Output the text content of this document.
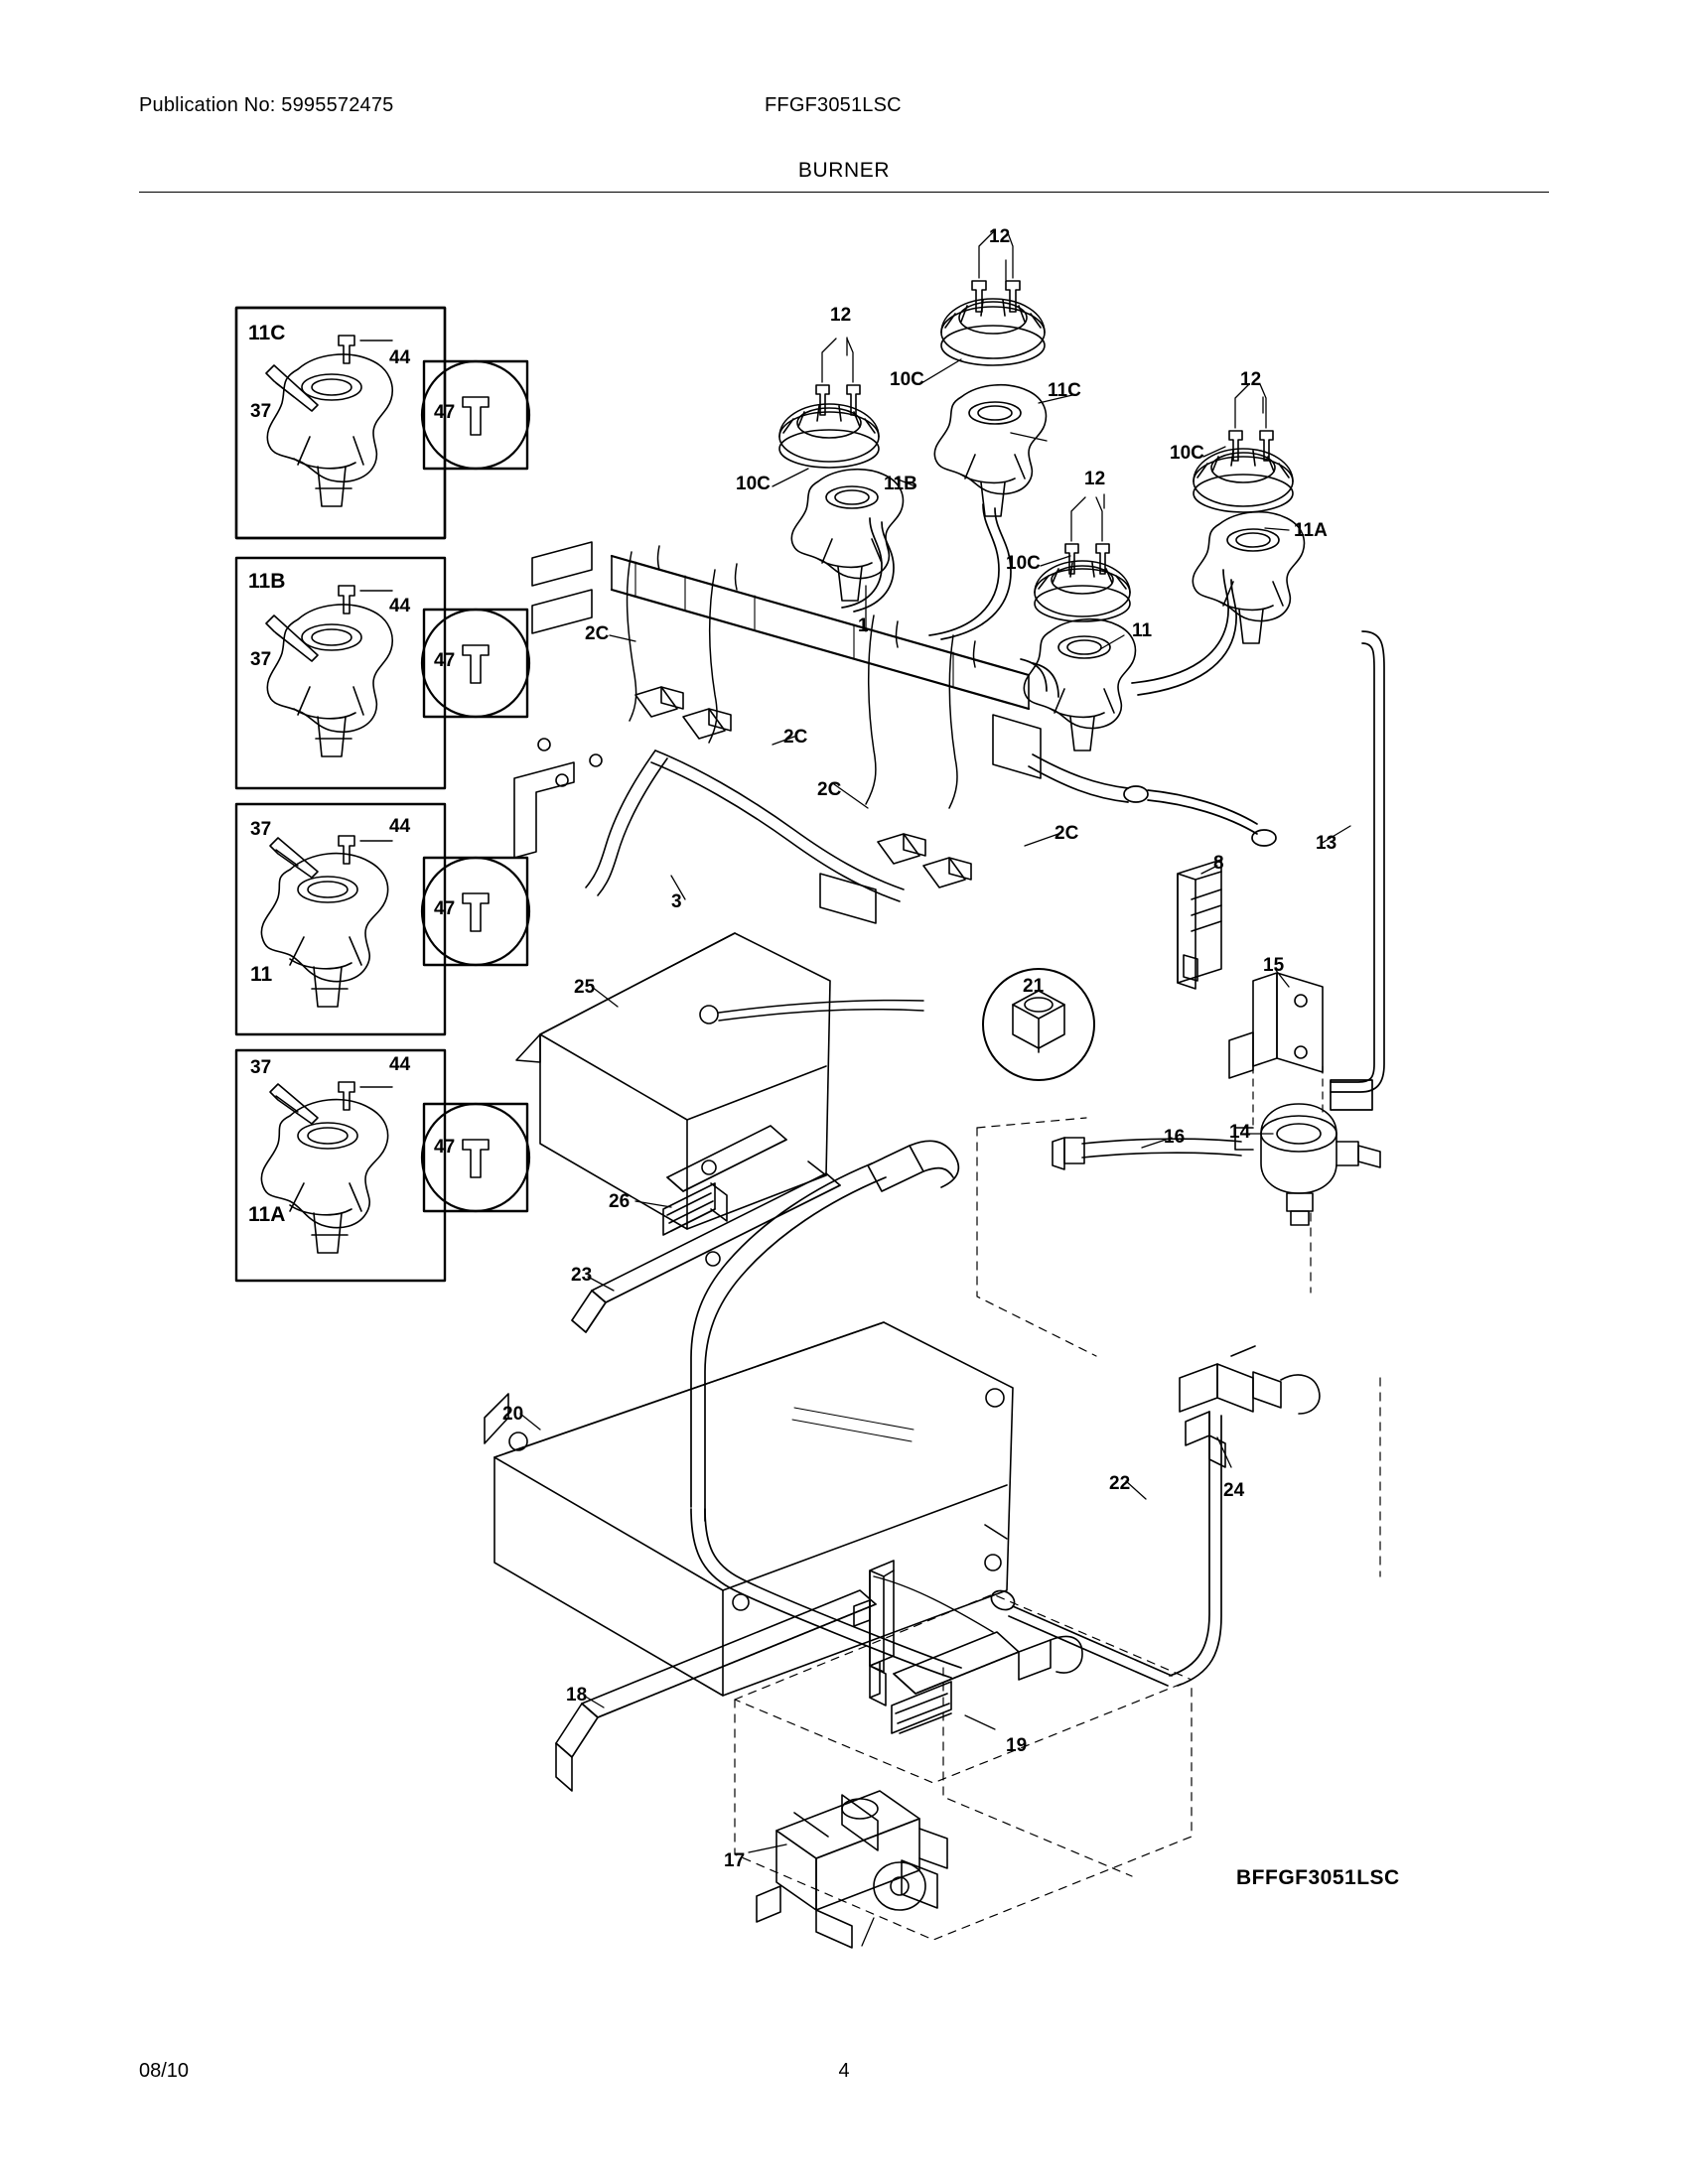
Publication No: 5995572475	FFGF3051LSC
BURNER
11C
44
37	47
11B
44
37	47
11
44
37
47
11A
44
37
47
12
12
10C
11C
12
10C
10C	11B	12
11A
10C
1	11
2C
2C
2C
2C	13
8
3
15
25	21
16 14
26
23
20
22	24
18
19
17
BFFGF3051LSC
08/10	4
